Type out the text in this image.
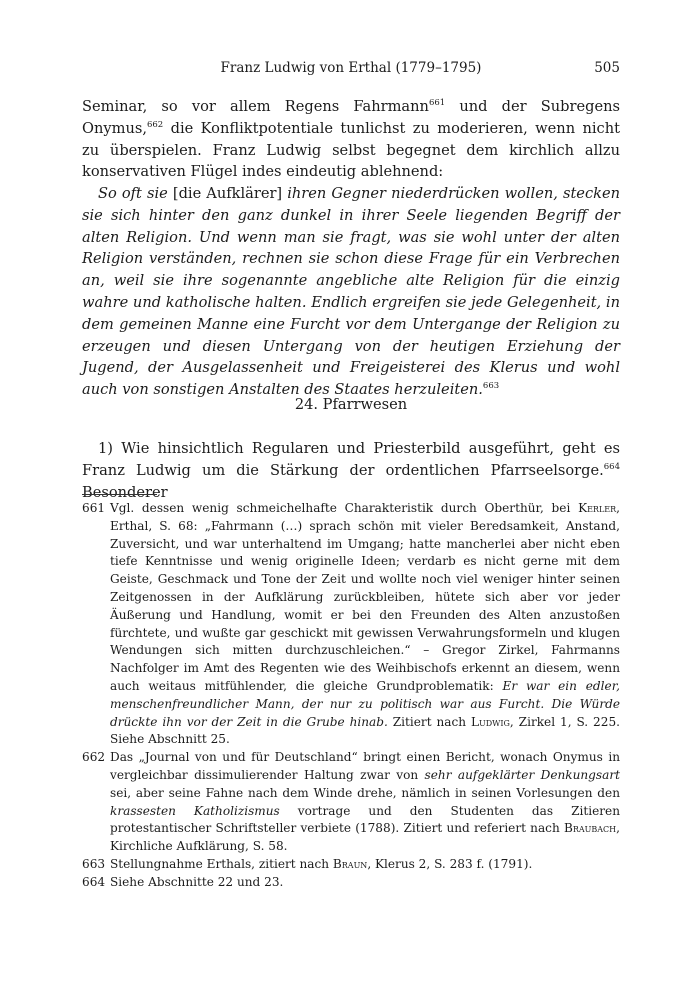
Franz Ludwig von Erthal (1779–1795)	505

Seminar, so vor allem Regens Fahrmann$^{661}$ und der Subregens Onymus,$^{662}$ die Konfliktpotentiale tunlichst zu moderieren, wenn nicht zu überspielen. Franz Ludwig selbst begegnet dem kirchlich allzu konservativen Flügel indes eindeutig ablehnend:

So oft sie [die Aufklärer] ihren Gegner niederdrücken wollen, stecken sie sich hinter den ganz dunkel in ihrer Seele liegenden Begriff der alten Religion. Und wenn man sie fragt, was sie wohl unter der alten Religion verständen, rechnen sie schon diese Frage für ein Verbrechen an, weil sie ihre sogenannte angebliche alte Religion für die einzig wahre und katholische halten. Endlich ergreifen sie jede Gelegenheit, in dem gemeinen Manne eine Furcht vor dem Untergange der Religion zu erzeugen und diesen Untergang von der heutigen Erziehung der Jugend, der Ausgelassenheit und Freigeisterei des Klerus und wohl auch von sonstigen Anstalten des Staates herzuleiten.$^{663}$

24. Pfarrwesen

1) Wie hinsichtlich Regularen und Priesterbild ausgeführt, geht es Franz Ludwig um die Stärkung der ordentlichen Pfarrseelsorge.$^{664}$ Besonderer

661 Vgl. dessen wenig schmeichelhafte Charakteristik durch Oberthür, bei Kerler, Erthal, S. 68: „Fahrmann (…) sprach schön mit vieler Beredsamkeit, Anstand, Zuversicht, und war unterhaltend im Umgang; hatte mancherlei aber nicht eben tiefe Kenntnisse und wenig originelle Ideen; verdarb es nicht gerne mit dem Geiste, Geschmack und Tone der Zeit und wollte noch viel weniger hinter seinen Zeitgenossen in der Aufklärung zurückbleiben, hütete sich aber vor jeder Äußerung und Handlung, womit er bei den Freunden des Alten anzustoßen fürchtete, und wußte gar geschickt mit gewissen Verwahrungsformeln und klugen Wendungen sich mitten durchzuschleichen.“ – Gregor Zirkel, Fahrmanns Nachfolger im Amt des Regenten wie des Weihbischofs erkennt an diesem, wenn auch weitaus mitfühlender, die gleiche Grundproblematik: Er war ein edler, menschenfreundlicher Mann, der nur zu politisch war aus Furcht. Die Würde drückte ihn vor der Zeit in die Grube hinab. Zitiert nach Ludwig, Zirkel 1, S. 225. Siehe Abschnitt 25.

662 Das „Journal von und für Deutschland“ bringt einen Bericht, wonach Onymus in vergleichbar dissimulierender Haltung zwar von sehr aufgeklärter Denkungsart sei, aber seine Fahne nach dem Winde drehe, nämlich in seinen Vorlesungen den krassesten Katholizismus vortrage und den Studenten das Zitieren protestantischer Schriftsteller verbiete (1788). Zitiert und referiert nach Braubach, Kirchliche Aufklärung, S. 58.

663 Stellungnahme Erthals, zitiert nach Braun, Klerus 2, S. 283 f. (1791).

664 Siehe Abschnitte 22 und 23.
